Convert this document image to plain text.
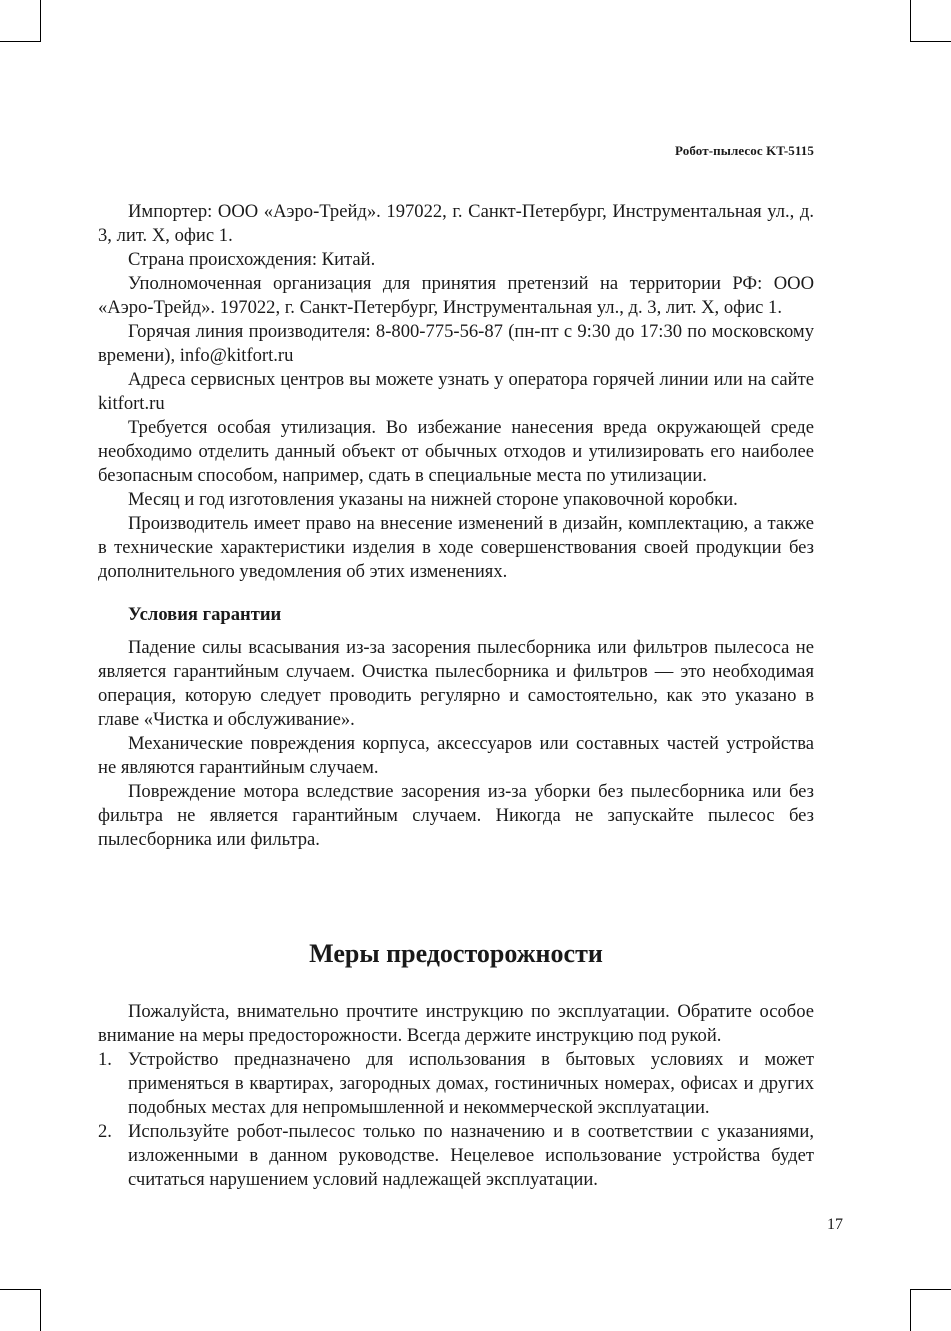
Робот-пылесос KT-5115

Импортер: ООО «Аэро-Трейд». 197022, г. Санкт-Петербург, Инструментальная ул., д. 3, лит. Х, офис 1.

Страна происхождения: Китай.

Уполномоченная организация для принятия претензий на территории РФ: ООО «Аэро-Трейд». 197022, г. Санкт-Петербург, Инструментальная ул., д. 3, лит. Х, офис 1.

Горячая линия производителя: 8-800-775-56-87 (пн-пт с 9:30 до 17:30 по московскому времени), info@kitfort.ru

Адреса сервисных центров вы можете узнать у оператора горячей линии или на сайте kitfort.ru

Требуется особая утилизация. Во избежание нанесения вреда окружающей среде необходимо отделить данный объект от обычных отходов и утилизировать его наиболее безопасным способом, например, сдать в специальные места по утилизации.

Месяц и год изготовления указаны на нижней стороне упаковочной коробки.

Производитель имеет право на внесение изменений в дизайн, комплектацию, а также в технические характеристики изделия в ходе совершенствования своей продукции без дополнительного уведомления об этих изменениях.

Условия гарантии

Падение силы всасывания из-за засорения пылесборника или фильтров пылесоса не является гарантийным случаем. Очистка пылесборника и фильтров — это необходимая операция, которую следует проводить регулярно и самостоятельно, как это указано в главе «Чистка и обслуживание».

Механические повреждения корпуса, аксессуаров или составных частей устройства не являются гарантийным случаем.

Повреждение мотора вследствие засорения из-за уборки без пылесборника или без фильтра не является гарантийным случаем. Никогда не запускайте пылесос без пылесборника или фильтра.

Меры предосторожности

Пожалуйста, внимательно прочтите инструкцию по эксплуатации. Обратите особое внимание на меры предосторожности. Всегда держите инструкцию под рукой.

1. Устройство предназначено для использования в бытовых условиях и может применяться в квартирах, загородных домах, гостиничных номерах, офисах и других подобных местах для непромышленной и некоммерческой эксплуатации.
2. Используйте робот-пылесос только по назначению и в соответствии с указаниями, изложенными в данном руководстве. Нецелевое использование устройства будет считаться нарушением условий надлежащей эксплуатации.
17
